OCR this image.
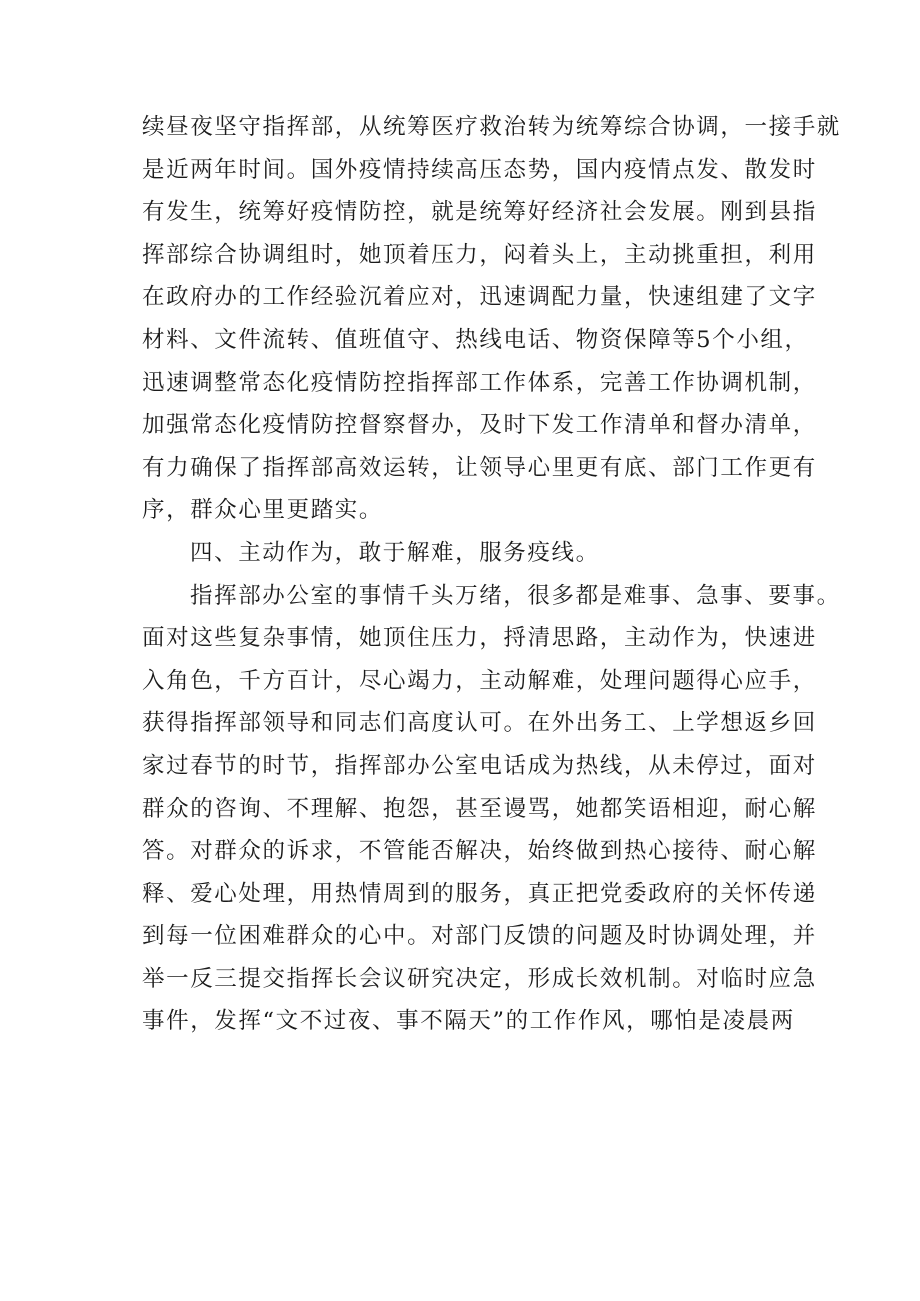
续昼夜坚守指挥部，从统筹医疗救治转为统筹综合协调，一接手就
是近两年时间。国外疫情持续高压态势，国内疫情点发、散发时
有发生，统筹好疫情防控，就是统筹好经济社会发展。刚到县指
挥部综合协调组时，她顶着压力，闷着头上，主动挑重担，利用
在政府办的工作经验沉着应对，迅速调配力量，快速组建了文字
材料、文件流转、值班值守、热线电话、物资保障等5个小组，
迅速调整常态化疫情防控指挥部工作体系，完善工作协调机制，
加强常态化疫情防控督察督办，及时下发工作清单和督办清单，
有力确保了指挥部高效运转，让领导心里更有底、部门工作更有
序，群众心里更踏实。
四、主动作为，敢于解难，服务疫线。
指挥部办公室的事情千头万绪，很多都是难事、急事、要事。
面对这些复杂事情，她顶住压力，捋清思路，主动作为，快速进
入角色，千方百计，尽心竭力，主动解难，处理问题得心应手，
获得指挥部领导和同志们高度认可。在外出务工、上学想返乡回
家过春节的时节，指挥部办公室电话成为热线，从未停过，面对
群众的咨询、不理解、抱怨，甚至谩骂，她都笑语相迎，耐心解
答。对群众的诉求，不管能否解决，始终做到热心接待、耐心解
释、爱心处理，用热情周到的服务，真正把党委政府的关怀传递
到每一位困难群众的心中。对部门反馈的问题及时协调处理，并
举一反三提交指挥长会议研究决定，形成长效机制。对临时应急
事件，发挥“文不过夜、事不隔天”的工作作风，哪怕是凌晨两
